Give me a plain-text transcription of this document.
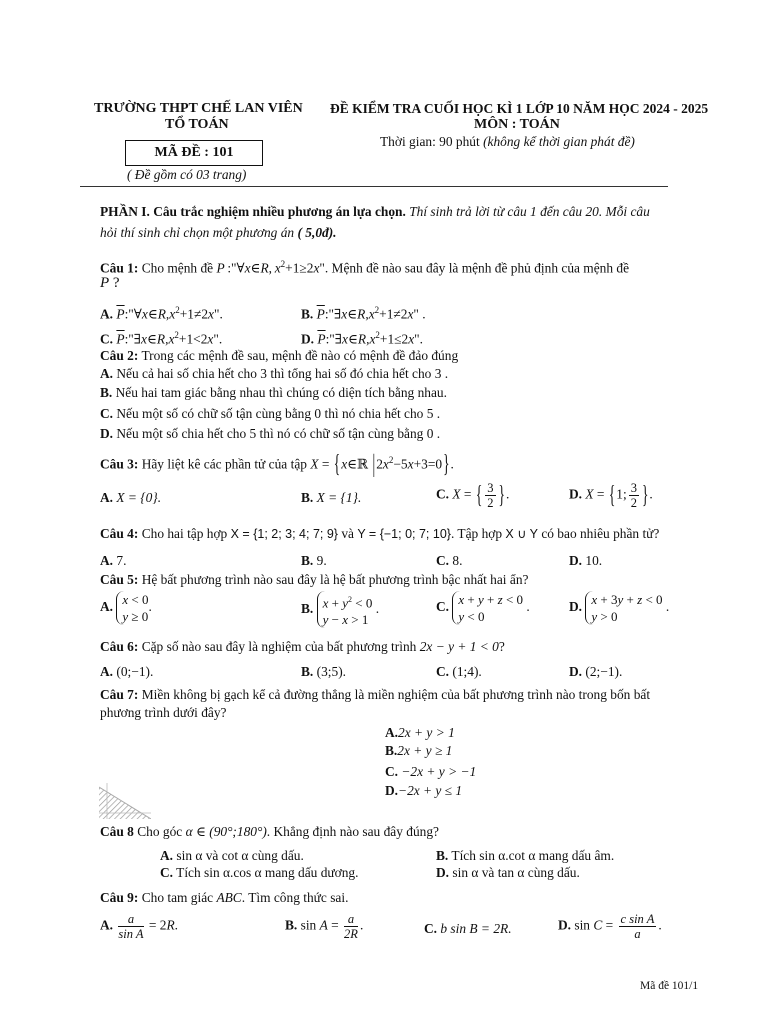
TRƯỜNG THPT CHẾ LAN VIÊN
TỔ TOÁN
MÃ ĐỀ : 101
( Đề gồm có 03 trang)
ĐỀ KIỂM TRA CUỐI HỌC KÌ 1 LỚP 10 NĂM HỌC 2024 - 2025
MÔN : TOÁN
Thời gian: 90 phút (không kể thời gian phát đề)
PHẦN I. Câu trắc nghiệm nhiều phương án lựa chọn. Thí sinh trả lời từ câu 1 đến câu 20. Mỗi câu
hỏi thí sinh chỉ chọn một phương án ( 5,0đ).
Câu 1: Cho mệnh đề P :"∀x∈R, $x^2+1\ge 2x$". Mệnh đề nào sau đây là mệnh đề phủ định của mệnh đề
P ?
A. $\overline{P}:"\forall x\in R,x^2+1\ne 2x$".	B. $\overline{P}:"\exists x\in R,x^2+1\ne 2x$" .
C. $\overline{P}:"\exists x\in R,x^2+1<2x$".	D. $\overline{P}:"\exists x\in R,x^2+1\le 2x$".
Câu 2: Trong các mệnh đề sau, mệnh đề nào có mệnh đề đảo đúng
A. Nếu cả hai số chia hết cho 3 thì tổng hai số đó chia hết cho 3 .
B. Nếu hai tam giác bằng nhau thì chúng có diện tích bằng nhau.
C. Nếu một số có chữ số tận cùng bằng 0 thì nó chia hết cho 5 .
D. Nếu một số chia hết cho 5 thì nó có chữ số tận cùng bằng 0 .
Câu 3: Hãy liệt kê các phần tử của tập X = {x∈ℝ $|2x^2-5x+3=0$}.
A. X = {0}.	B. X = {1}.	C. X = { $\frac{3}{2}$ }.	D. X = {1; $\frac{3}{2}$ }.
Câu 4: Cho hai tập hợp X = {1; 2; 3; 4; 7; 9} và Y = {−1; 0; 7; 10}. Tập hợp X ∪ Y có bao nhiêu phần tử?
A. 7.	B. 9.	C. 8.	D. 10.
Câu 5: Hệ bất phương trình nào sau đây là hệ bất phương trình bậc nhất hai ẩn?
A. x < 0
y ≥ 0
.	B. $x + y^2 < 0$
y − x > 1
.	C. x + y + z < 0
y < 0
.	D. x + 3y + z < 0
y > 0
.
Câu 6: Cặp số nào sau đây là nghiệm của bất phương trình 2x − y + 1 < 0?
A. (0;−1).	B. (3;5).	C. (1;4).	D. (2;−1).
Câu 7: Miền không bị gạch kể cả đường thẳng là miền nghiệm của bất phương trình nào trong bốn bất
phương trình dưới đây?
A.2x + y > 1
B.2x + y ≥ 1
C. −2x + y > −1
D.−2x + y ≤ 1
Câu 8 Cho góc α ∈ (90°;180°). Khẳng định nào sau đây đúng?
A. sin α và cot α cùng dấu.	B. Tích sin α.cot α mang dấu âm.
C. Tích sin α.cos α mang dấu dương.	D. sin α và tan α cùng dấu.
Câu 9: Cho tam giác ABC. Tìm công thức sai.
A. $\frac{a}{\text{sin A}} = 2R$.	B. $\sin A = \frac{a}{2R}$ .	C. b sin B = 2R.	D. $\sin C = \frac{\text{c sin A}}{a}$ .
Mã đề 101/1
